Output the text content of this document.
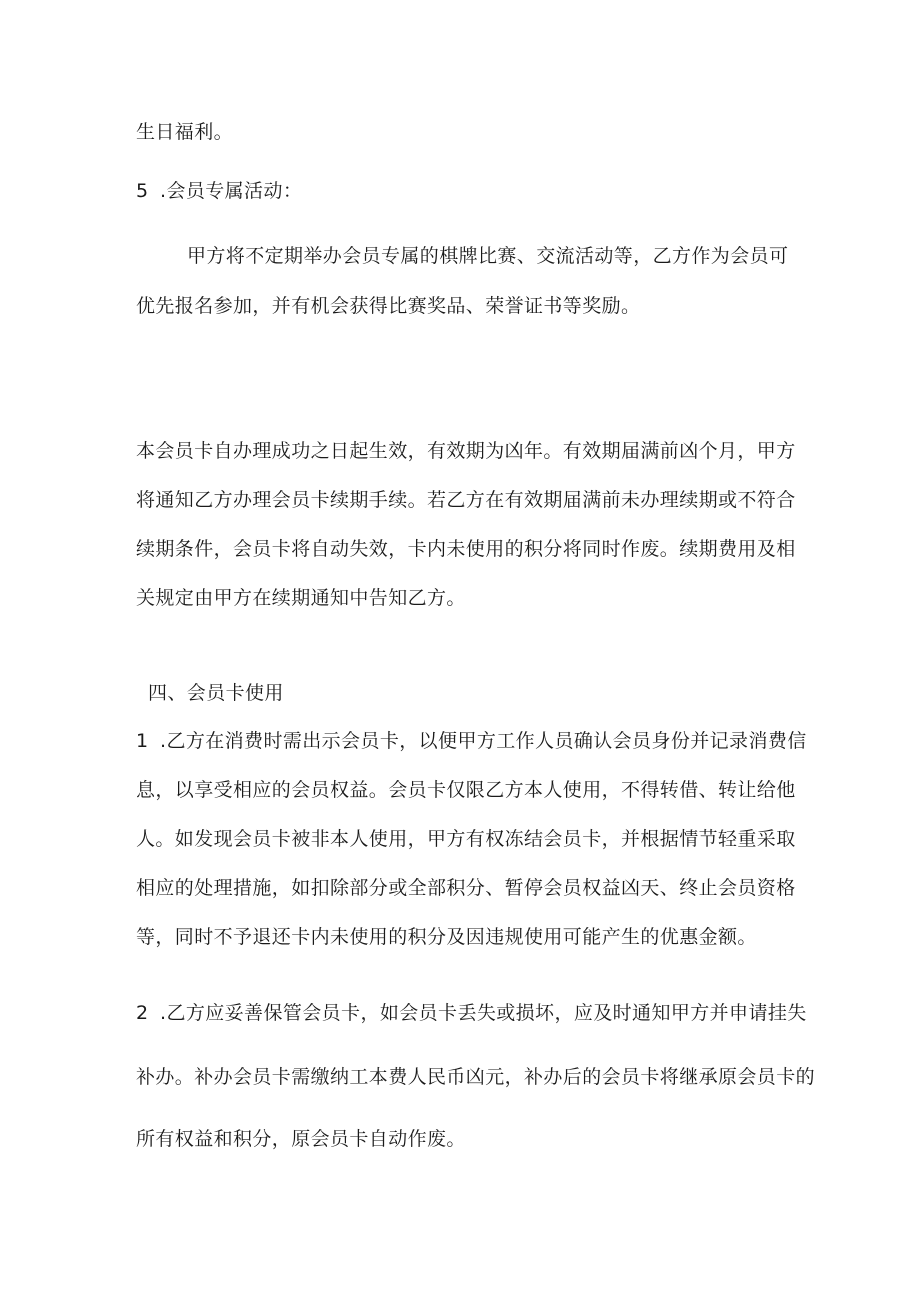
生日福利。
5 .会员专属活动：
甲方将不定期举办会员专属的棋牌比赛、交流活动等，乙方作为会员可
优先报名参加，并有机会获得比赛奖品、荣誉证书等奖励。
本会员卡自办理成功之日起生效，有效期为凶年。有效期届满前凶个月，甲方
将通知乙方办理会员卡续期手续。若乙方在有效期届满前未办理续期或不符合
续期条件，会员卡将自动失效，卡内未使用的积分将同时作废。续期费用及相
关规定由甲方在续期通知中告知乙方。
四、会员卡使用
1 .乙方在消费时需出示会员卡，以便甲方工作人员确认会员身份并记录消费信
息，以享受相应的会员权益。会员卡仅限乙方本人使用，不得转借、转让给他
人。如发现会员卡被非本人使用，甲方有权冻结会员卡，并根据情节轻重采取
相应的处理措施，如扣除部分或全部积分、暂停会员权益凶天、终止会员资格
等，同时不予退还卡内未使用的积分及因违规使用可能产生的优惠金额。
2 .乙方应妥善保管会员卡，如会员卡丢失或损坏，应及时通知甲方并申请挂失
补办。补办会员卡需缴纳工本费人民币凶元，补办后的会员卡将继承原会员卡的
所有权益和积分，原会员卡自动作废。
